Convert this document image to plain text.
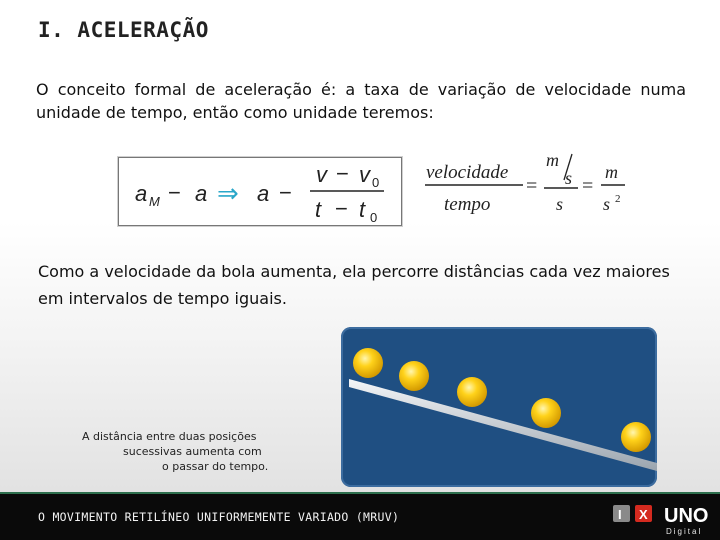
I. ACELERAÇÃO
O conceito formal de aceleração é: a taxa de variação de velocidade numa unidade de tempo, então como unidade teremos:
a M − a ⇒ a −
v − v 0
t − t 0
velocidade
tempo
=
m
s
s
=
m
s 2
Como a velocidade da bola aumenta, ela percorre distâncias cada vez maiores em intervalos de tempo iguais.
A distância entre duas posições
sucessivas aumenta com
o passar do tempo.
O MOVIMENTO RETILÍNEO UNIFORMEMENTE VARIADO (MRUV)	I X UNO
Digital
